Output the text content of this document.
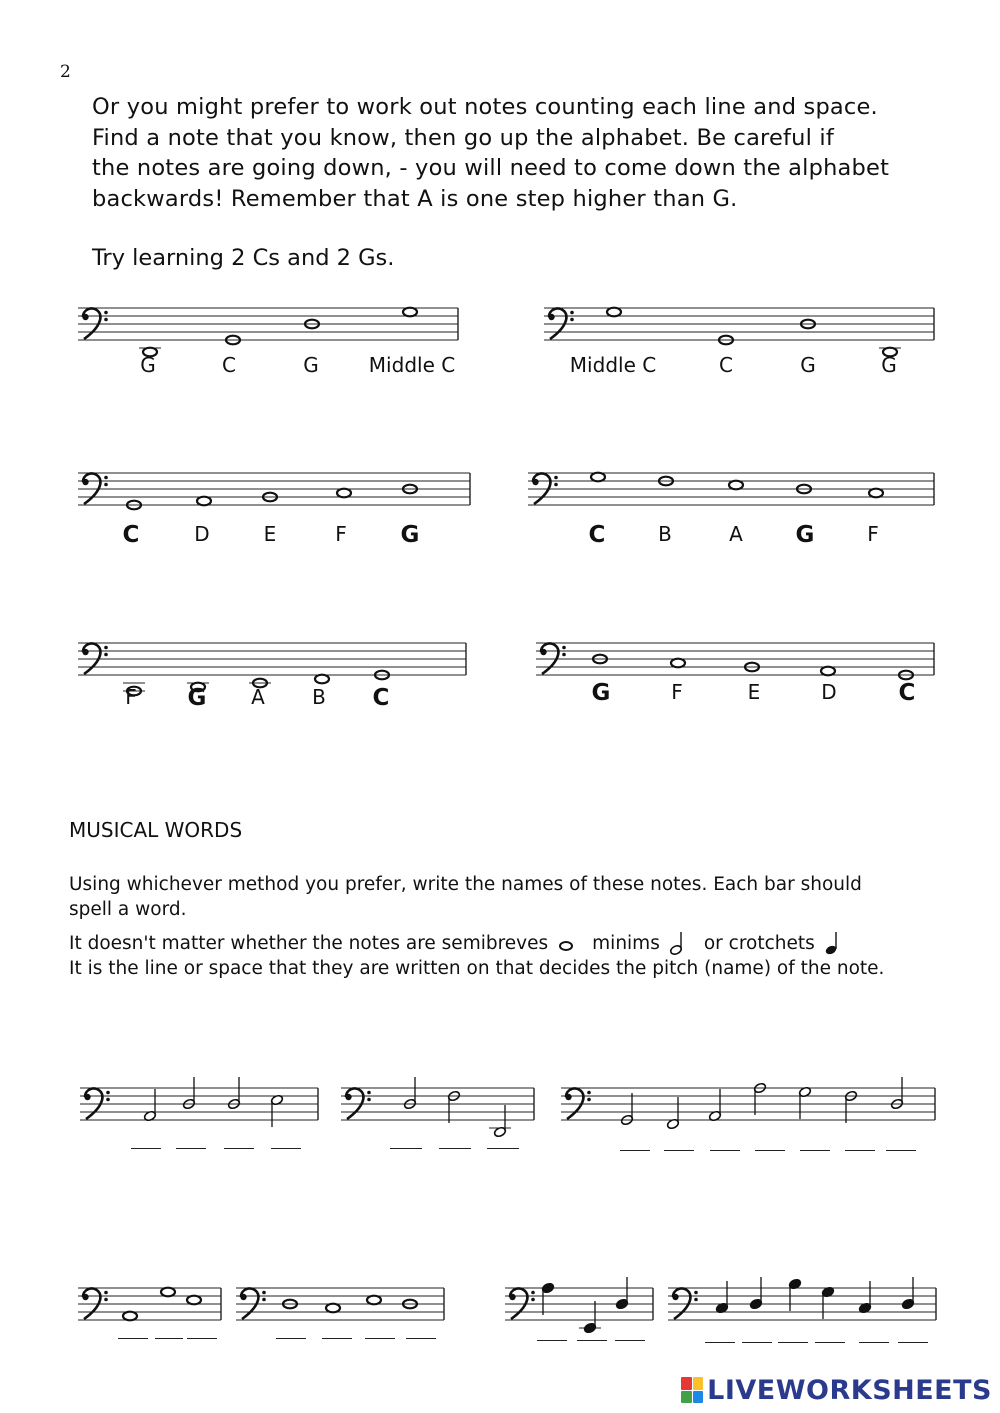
2

Or you might prefer to work out notes counting each line and space.

Find a note that you know, then go up the alphabet. Be careful if

the notes are going down, - you will need to come down the alphabet

backwards! Remember that A is one step higher than G.

Try learning 2 Cs and 2 Gs.
G	C	G	Middle C	Middle C	C	G	G
C	D	E	F G	C	B	A G	F
F G A B C	G	F	E	D	C
MUSICAL WORDS
Using whichever method you prefer, write the names of these notes. Each bar should
spell a word.
It doesn't matter whether the notes are semibreves minims or crotchets
It is the line or space that they are written on that decides the pitch (name) of the note.
LIVEWORKSHEETS
